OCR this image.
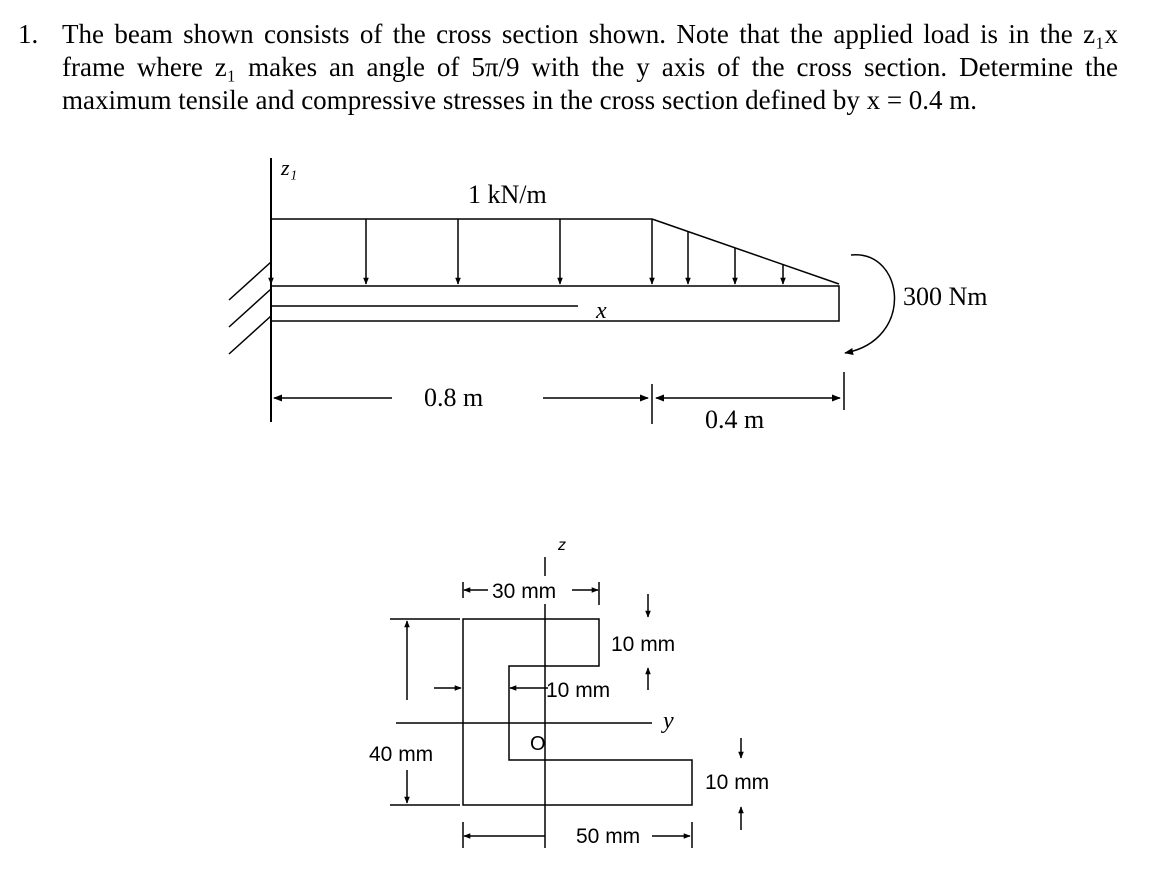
1. The beam shown consists of the cross section shown. Note that the applied load is in the z₁x
frame where z₁ makes an angle of 5π/9 with the y axis of the cross section. Determine the
maximum tensile and compressive stresses in the cross section defined by x = 0.4 m.
z₁
1 kN/m
300 Nm
x
0.8 m
0.4 m
z
y
O
30 mm
10 mm
10 mm
40 mm
10 mm
50 mm
